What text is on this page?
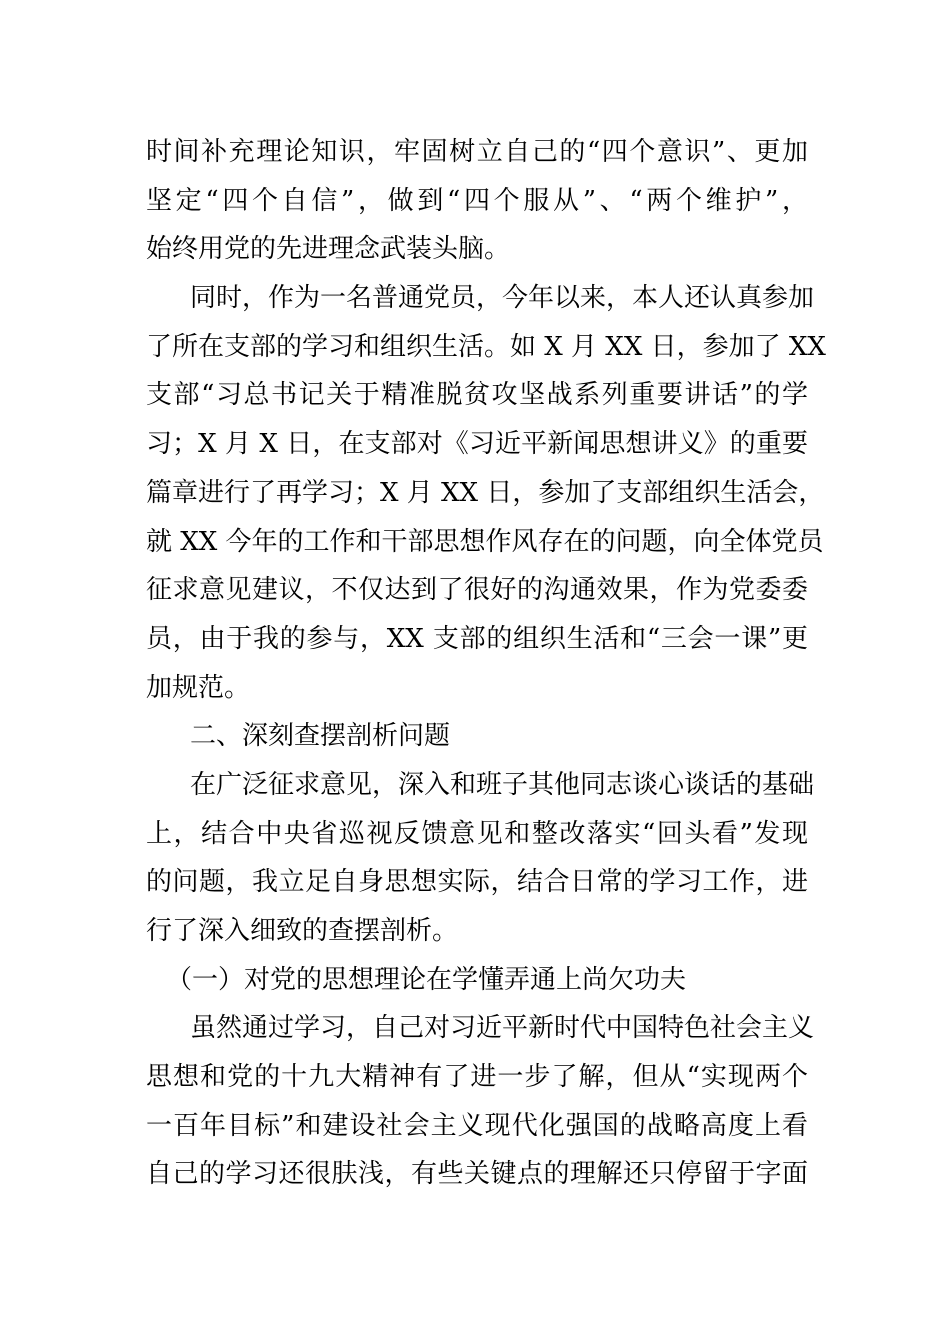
时间补充理论知识，牢固树立自己的“四个意识”、更加
坚定“四个自信”，做到“四个服从”、“两个维护”，
始终用党的先进理念武装头脑。
同时，作为一名普通党员，今年以来，本人还认真参加
了所在支部的学习和组织生活。如 X 月 XX 日，参加了 XX
支部“习总书记关于精准脱贫攻坚战系列重要讲话”的学
习；X 月 X 日，在支部对《习近平新闻思想讲义》的重要
篇章进行了再学习；X 月 XX 日，参加了支部组织生活会，
就 XX 今年的工作和干部思想作风存在的问题，向全体党员
征求意见建议，不仅达到了很好的沟通效果，作为党委委
员，由于我的参与，XX 支部的组织生活和“三会一课”更
加规范。
二、深刻查摆剖析问题
在广泛征求意见，深入和班子其他同志谈心谈话的基础
上，结合中央省巡视反馈意见和整改落实“回头看”发现
的问题，我立足自身思想实际，结合日常的学习工作，进
行了深入细致的查摆剖析。
（一）对党的思想理论在学懂弄通上尚欠功夫
虽然通过学习，自己对习近平新时代中国特色社会主义
思想和党的十九大精神有了进一步了解，但从“实现两个
一百年目标”和建设社会主义现代化强国的战略高度上看
自己的学习还很肤浅，有些关键点的理解还只停留于字面
